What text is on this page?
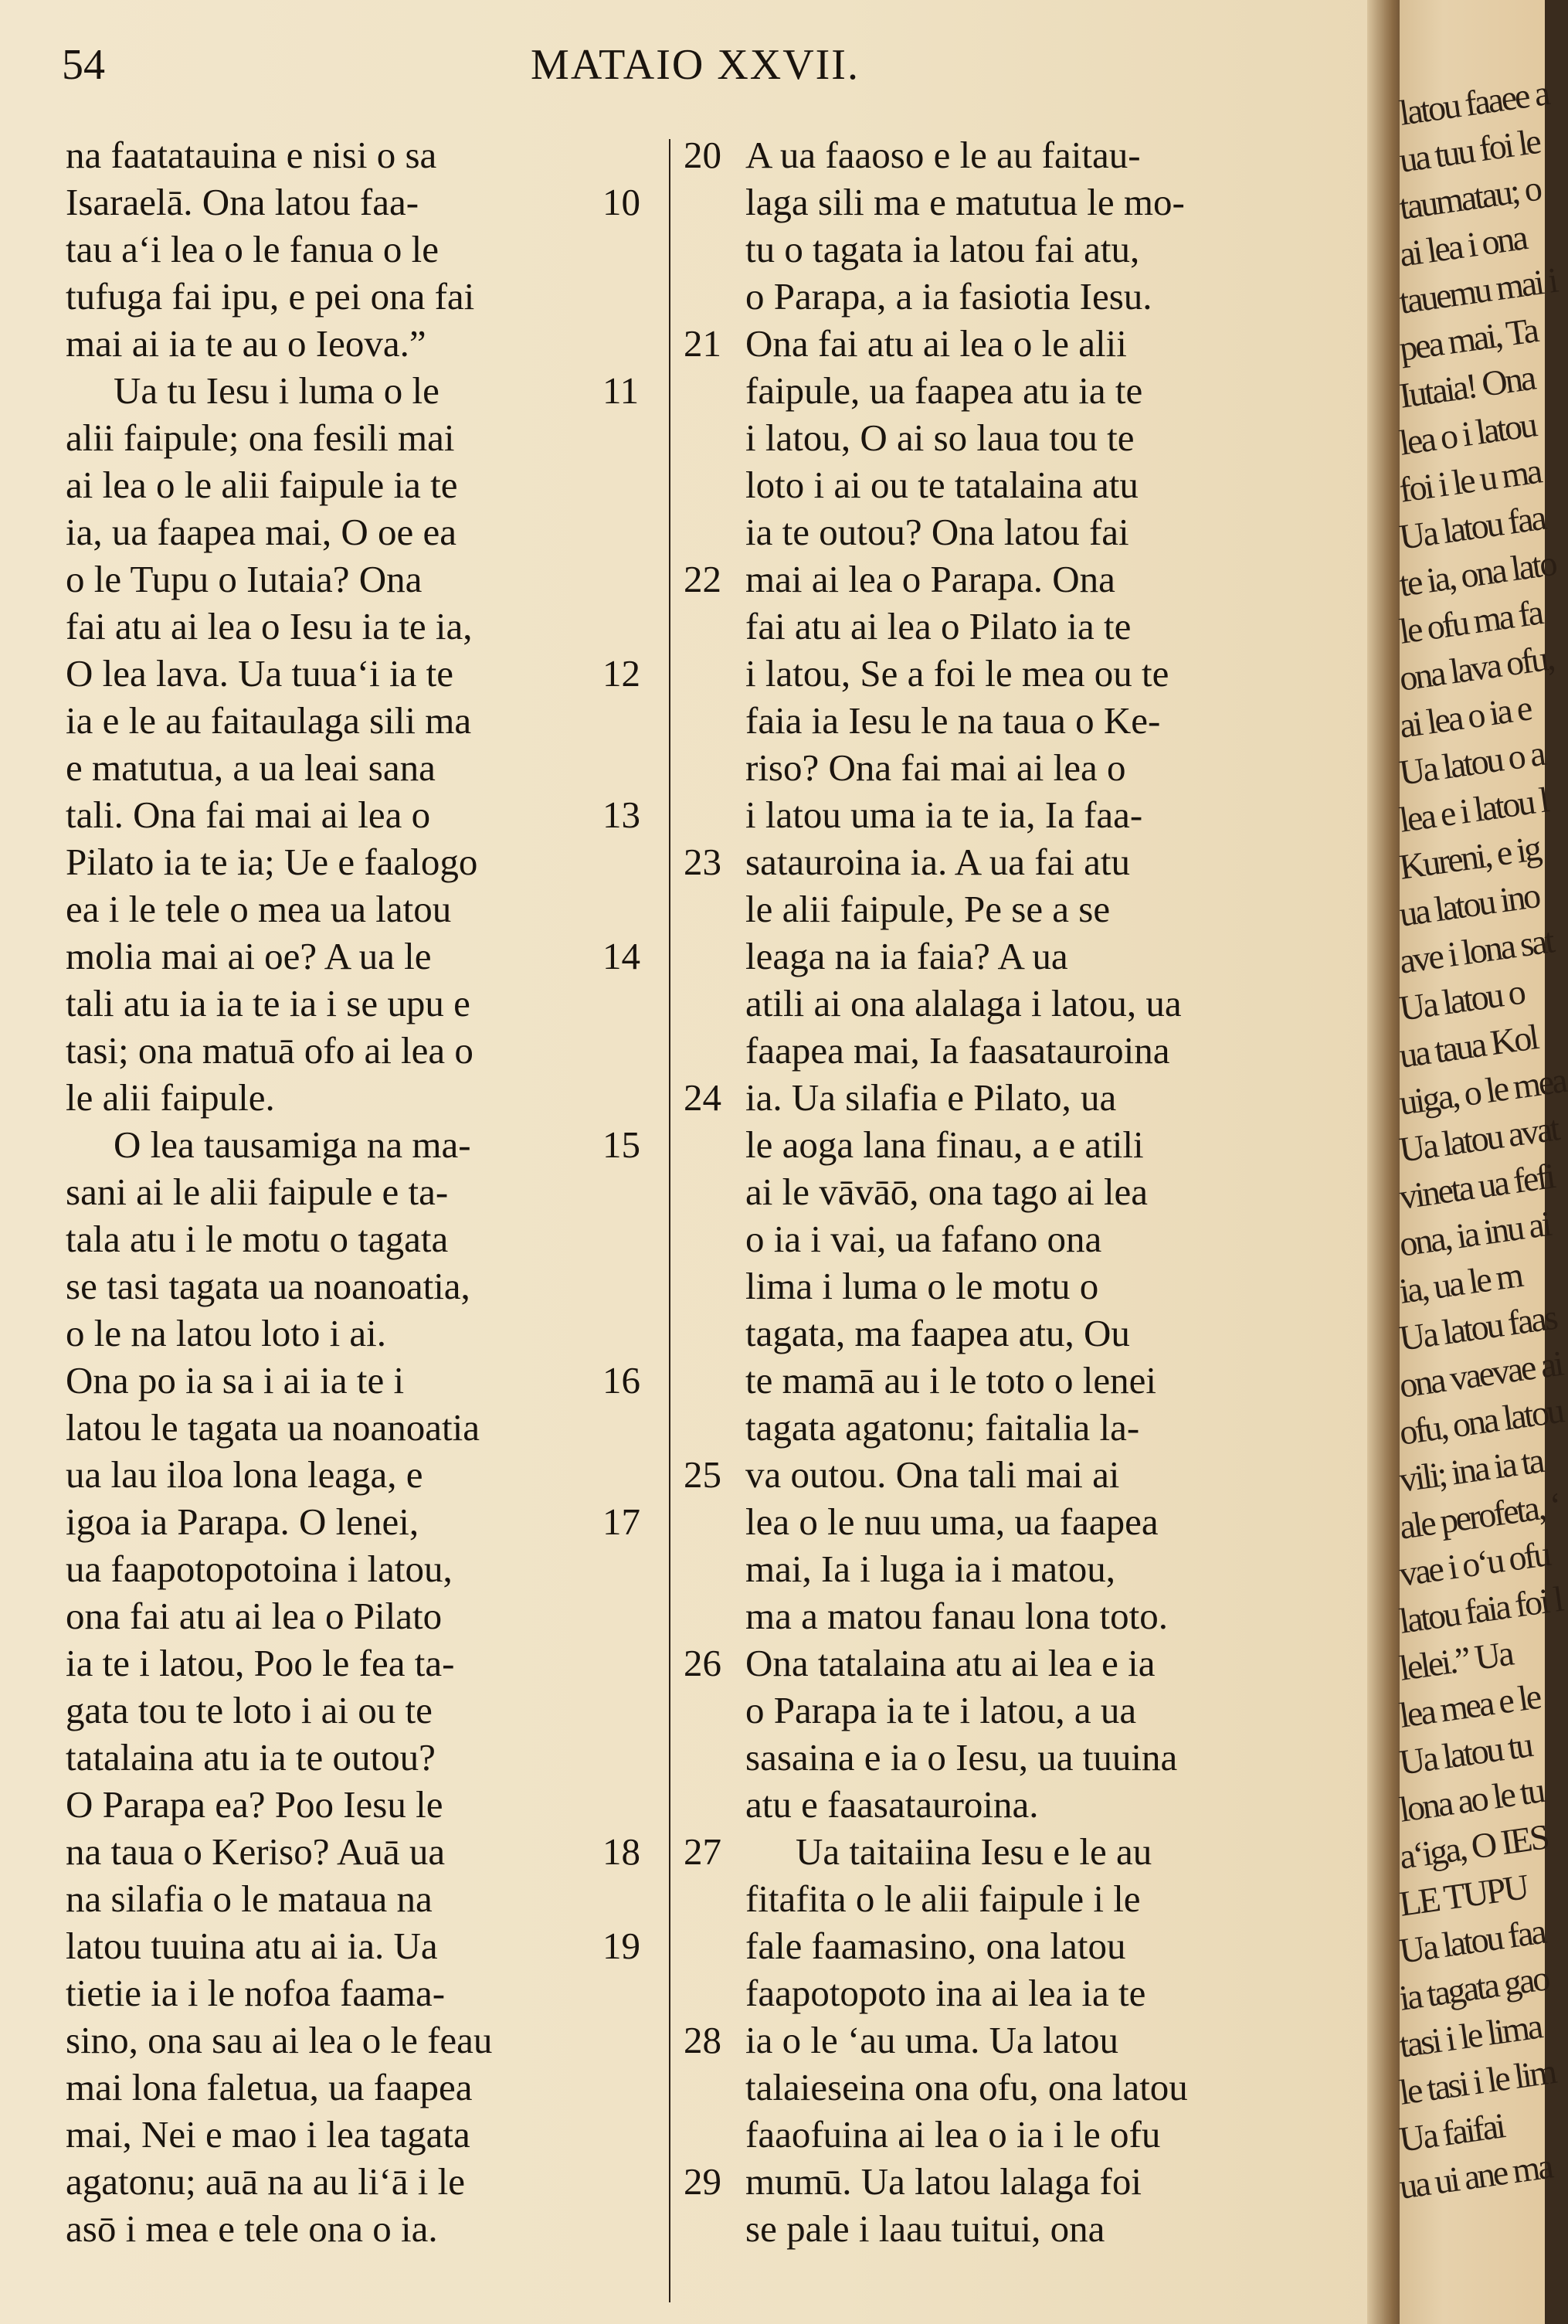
54	MATAIO XXVII.
na faatatauina e nisi o sa
Isaraelā. Ona latou faa-	10
tau aʻi lea o le fanua o le
tufuga fai ipu, e pei ona fai
mai ai ia te au o Ieova.”
Ua tu Iesu i luma o le	11
alii faipule; ona fesili mai
ai lea o le alii faipule ia te
ia, ua faapea mai, O oe ea
o le Tupu o Iutaia? Ona
fai atu ai lea o Iesu ia te ia,
O lea lava. Ua tuuaʻi ia te	12
ia e le au faitaulaga sili ma
e matutua, a ua leai sana
tali. Ona fai mai ai lea o	13
Pilato ia te ia; Ue e faalogo
ea i le tele o mea ua latou
molia mai ai oe? A ua le	14
tali atu ia ia te ia i se upu e
tasi; ona matuā ofo ai lea o
le alii faipule.
O lea tausamiga na ma-	15
sani ai le alii faipule e ta-
tala atu i le motu o tagata
se tasi tagata ua noanoatia,
o le na latou loto i ai.
Ona po ia sa i ai ia te i	16
latou le tagata ua noanoatia
ua lau iloa lona leaga, e
igoa ia Parapa. O lenei,	17
ua faapotopotoina i latou,
ona fai atu ai lea o Pilato
ia te i latou, Poo le fea ta-
gata tou te loto i ai ou te
tatalaina atu ia te outou?
O Parapa ea? Poo Iesu le
na taua o Keriso? Auā ua	18
na silafia o le mataua na
latou tuuina atu ai ia. Ua	19
tietie ia i le nofoa faama-
sino, ona sau ai lea o le feau
mai lona faletua, ua faapea
mai, Nei e mao i lea tagata
agatonu; auā na au liʻā i le
asō i mea e tele ona o ia.
20 A ua faaoso e le au faitau-
laga sili ma e matutua le mo-
tu o tagata ia latou fai atu,
o Parapa, a ia fasiotia Iesu.
21 Ona fai atu ai lea o le alii
faipule, ua faapea atu ia te
i latou, O ai so laua tou te
loto i ai ou te tatalaina atu
ia te outou? Ona latou fai
22 mai ai lea o Parapa. Ona
fai atu ai lea o Pilato ia te
i latou, Se a foi le mea ou te
faia ia Iesu le na taua o Ke-
riso? Ona fai mai ai lea o
i latou uma ia te ia, Ia faa-
23 satauroina ia. A ua fai atu
le alii faipule, Pe se a se
leaga na ia faia? A ua
atili ai ona alalaga i latou, ua
faapea mai, Ia faasatauroina
24 ia. Ua silafia e Pilato, ua
le aoga lana finau, a e atili
ai le vāvāō, ona tago ai lea
o ia i vai, ua fafano ona
lima i luma o le motu o
tagata, ma faapea atu, Ou
te mamā au i le toto o lenei
tagata agatonu; faitalia la-
25 va outou. Ona tali mai ai
lea o le nuu uma, ua faapea
mai, Ia i luga ia i matou,
ma a matou fanau lona toto.
26 Ona tatalaina atu ai lea e ia
o Parapa ia te i latou, a ua
sasaina e ia o Iesu, ua tuuina
atu e faasatauroina.
27	Ua taitaiina Iesu e le au
fitafita o le alii faipule i le
fale faamasino, ona latou
faapotopoto ina ai lea ia te
28 ia o le ʻau uma. Ua latou
talaieseina ona ofu, ona latou
faaofuina ai lea o ia i le ofu
29 mumū. Ua latou lalaga foi
se pale i laau tuitui, ona
latou faaee a
ua tuu foi le
taumatau; o
ai lea i ona
tauemu mai i
pea mai, Ta
Iutaia! Ona
lea o i latou
foi i le u ma
Ua latou faa
te ia, ona lato
le ofu ma fa
ona lava ofu,
ai lea o ia e
Ua latou o a
lea e i latou l
Kureni, e ig
ua latou ino
ave i lona sat
Ua latou o
ua taua Kol
uiga, o le mea
Ua latou avat
vineta ua fefi
ona, ia inu ai
ia, ua le m
Ua latou faas
ona vaevae ai
ofu, ona latou
vili; ina ia ta
ale perofeta, ‘
vae i oʻu ofu
latou faia foi l
lelei.” Ua
lea mea e le
Ua latou tu
lona ao le tu
aʻiga, O IES
LE TUPU
Ua latou faa
ia tagata gao
tasi i le lima
le tasi i le lim
Ua faifai
ua ui ane ma
